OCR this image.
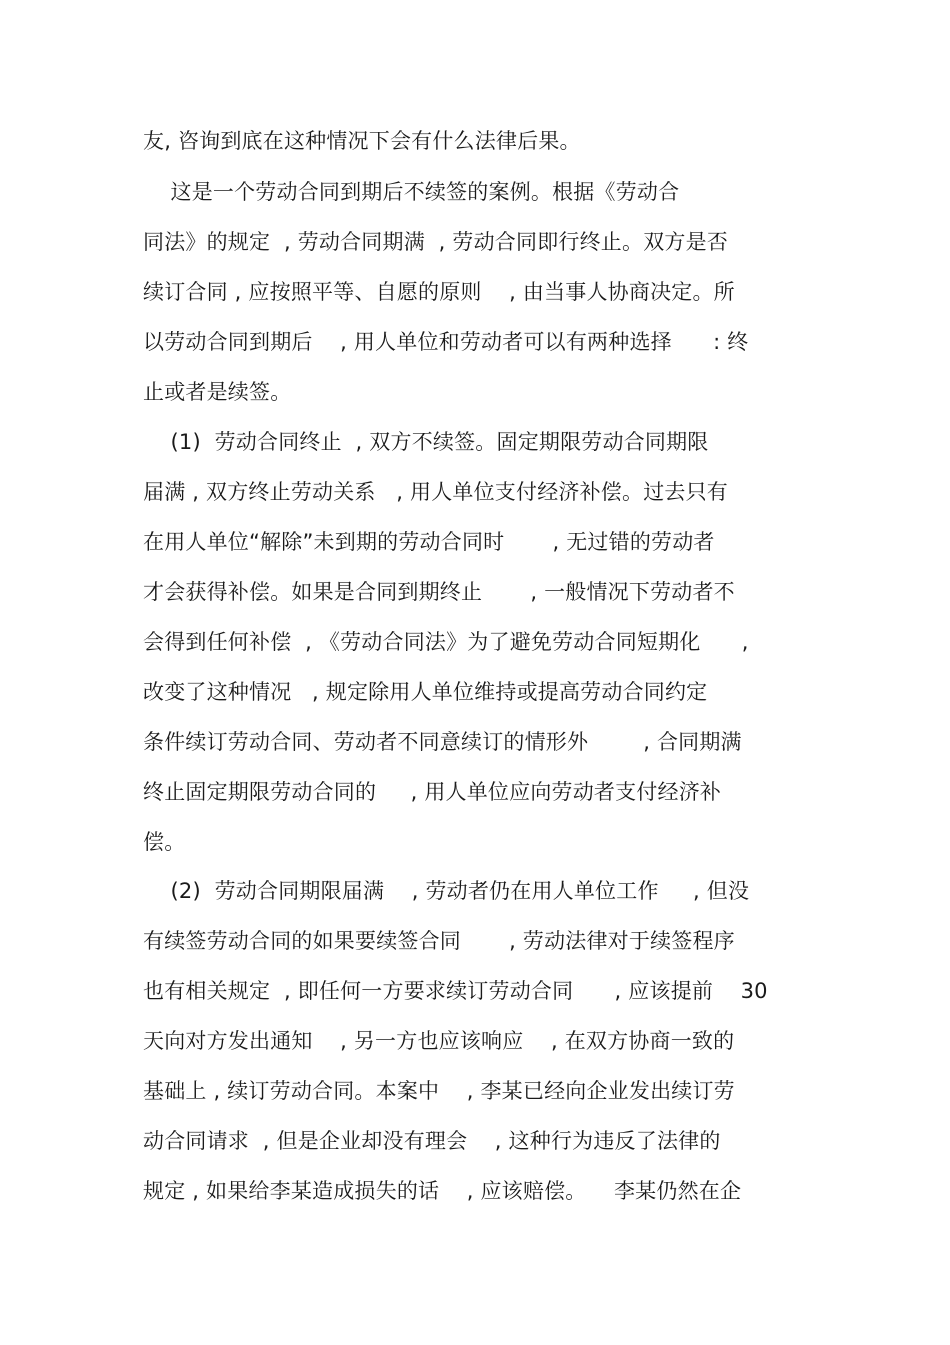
友, 咨询到底在这种情况下会有什么法律后果。
这是一个劳动合同到期后不续签的案例。根据《劳动合
同法》的规定  , 劳动合同期满  , 劳动合同即行终止。双方是否
续订合同 , 应按照平等、自愿的原则    , 由当事人协商决定。所
以劳动合同到期后    , 用人单位和劳动者可以有两种选择      : 终
止或者是续签。
(1)  劳动合同终止  , 双方不续签。固定期限劳动合同期限
届满 , 双方终止劳动关系   , 用人单位支付经济补偿。过去只有
在用人单位“解除”未到期的劳动合同时       , 无过错的劳动者
才会获得补偿。如果是合同到期终止       , 一般情况下劳动者不
会得到任何补偿  , 《劳动合同法》为了避免劳动合同短期化      ,
改变了这种情况   , 规定除用人单位维持或提高劳动合同约定
条件续订劳动合同、劳动者不同意续订的情形外        , 合同期满
终止固定期限劳动合同的     , 用人单位应向劳动者支付经济补
偿。
(2)  劳动合同期限届满    , 劳动者仍在用人单位工作     , 但没
有续签劳动合同的如果要续签合同       , 劳动法律对于续签程序
也有相关规定  , 即任何一方要求续订劳动合同      , 应该提前    30
天向对方发出通知    , 另一方也应该响应    , 在双方协商一致的
基础上 , 续订劳动合同。本案中    , 李某已经向企业发出续订劳
动合同请求  , 但是企业却没有理会    , 这种行为违反了法律的
规定 , 如果给李某造成损失的话    , 应该赔偿。    李某仍然在企
